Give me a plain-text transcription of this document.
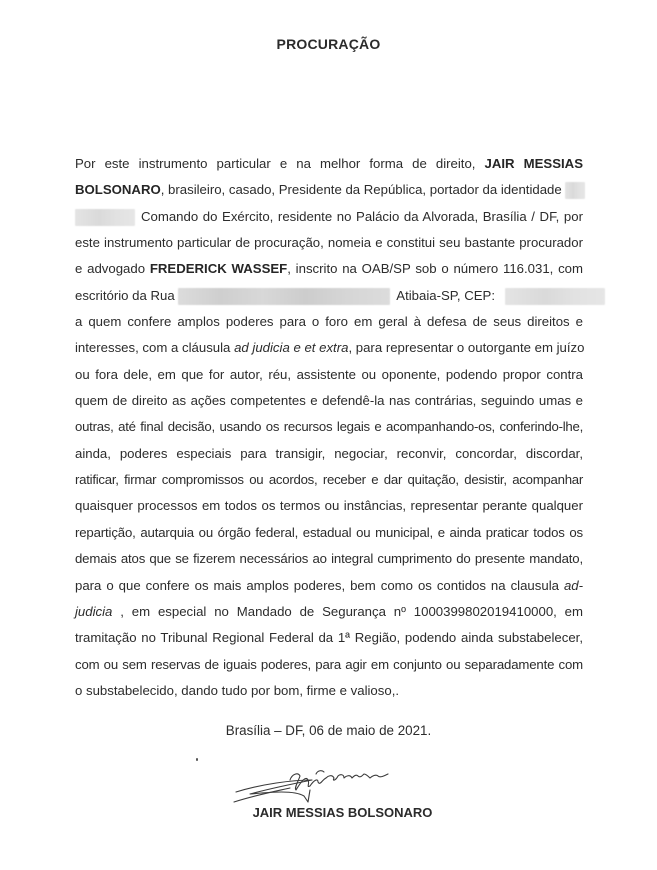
PROCURAÇÃO
Por este instrumento particular e na melhor forma de direito, JAIR MESSIAS
BOLSONARO, brasileiro, casado, Presidente da República, portador da identidade
Comando do Exército, residente no Palácio da Alvorada, Brasília / DF, por
este instrumento particular de procuração, nomeia e constitui seu bastante procurador
e advogado FREDERICK WASSEF, inscrito na OAB/SP sob o número 116.031, com
escritório da Rua	Atibaia-SP, CEP:
a quem confere amplos poderes para o foro em geral à defesa de seus direitos e
interesses, com a cláusula ad judicia e et extra, para representar o outorgante em juízo
ou fora dele, em que for autor, réu, assistente ou oponente, podendo propor contra
quem de direito as ações competentes e defendê-la nas contrárias, seguindo umas e
outras, até final decisão, usando os recursos legais e acompanhando-os, conferindo-lhe,
ainda, poderes especiais para transigir, negociar, reconvir, concordar, discordar,
ratificar, firmar compromissos ou acordos, receber e dar quitação, desistir, acompanhar
quaisquer processos em todos os termos ou instâncias, representar perante qualquer
repartição, autarquia ou órgão federal, estadual ou municipal, e ainda praticar todos os
demais atos que se fizerem necessários ao integral cumprimento do presente mandato,
para o que confere os mais amplos poderes, bem como os contidos na clausula ad-
judicia , em especial no Mandado de Segurança nº 1000399802019410000, em
tramitação no Tribunal Regional Federal da 1ª Região, podendo ainda substabelecer,
com ou sem reservas de iguais poderes, para agir em conjunto ou separadamente com
o substabelecido, dando tudo por bom, firme e valioso,.
Brasília – DF, 06 de maio de 2021.
JAIR MESSIAS BOLSONARO
